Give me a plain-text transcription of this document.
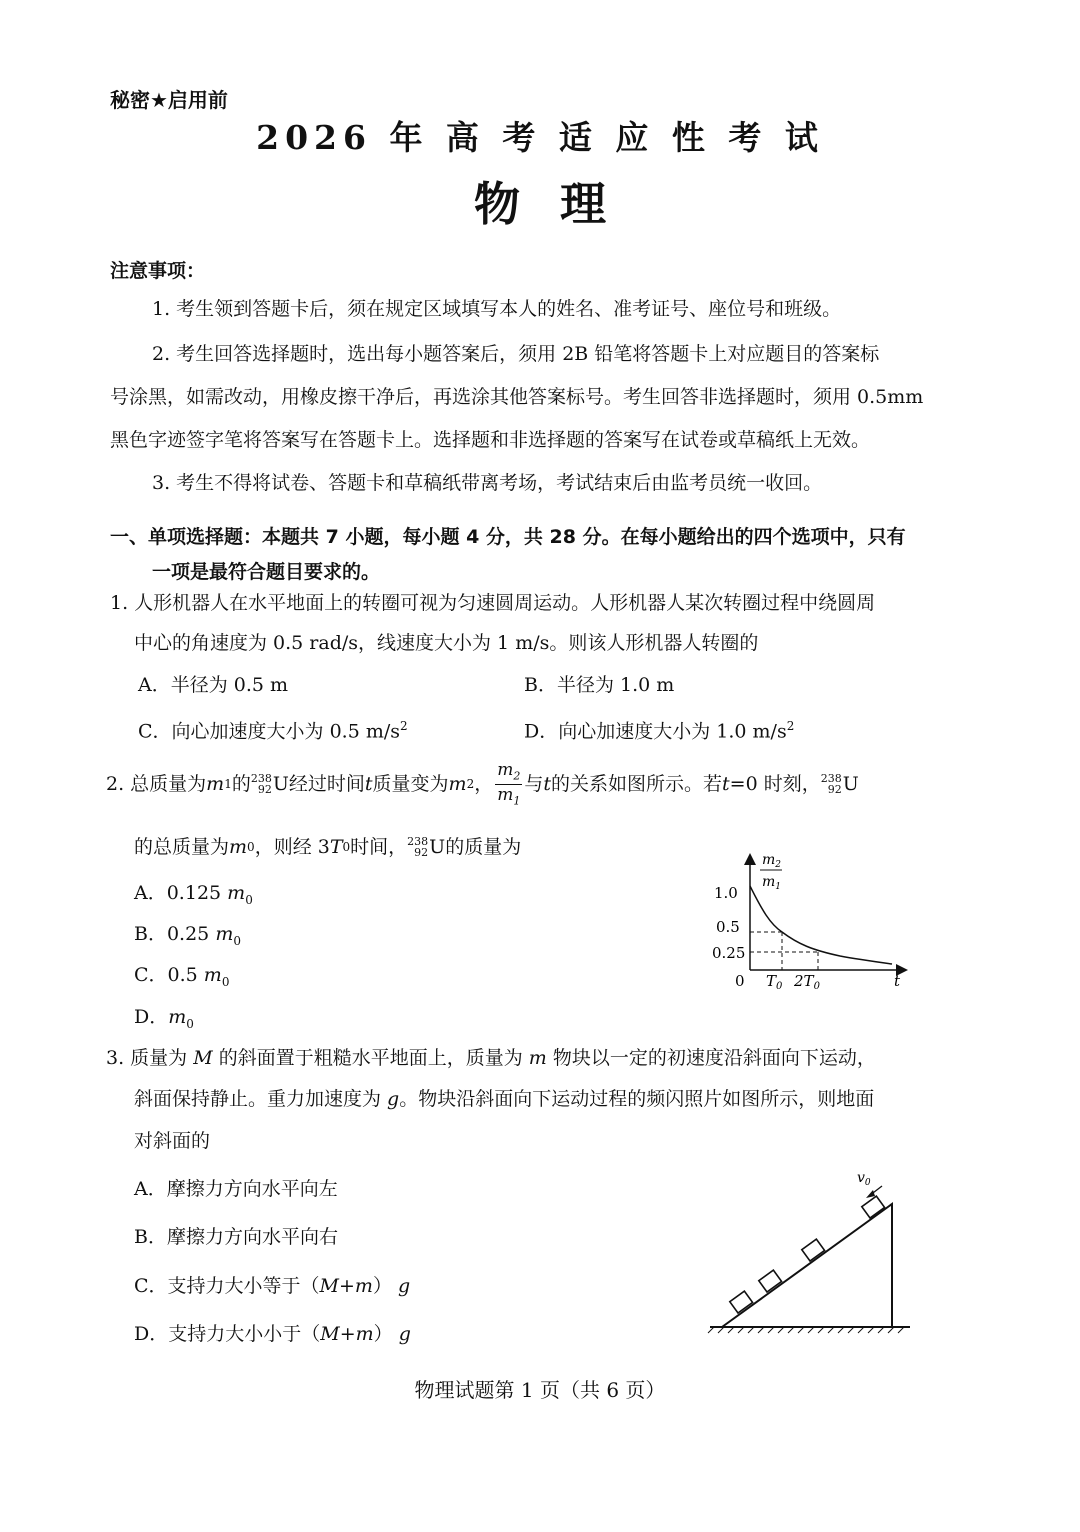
秘密★启用前
2026 年 高 考 适 应 性 考 试
物理
注意事项：
1. 考生领到答题卡后，须在规定区域填写本人的姓名、准考证号、座位号和班级。
2. 考生回答选择题时，选出每小题答案后，须用 2B 铅笔将答题卡上对应题目的答案标
号涂黑，如需改动，用橡皮擦干净后，再选涂其他答案标号。考生回答非选择题时，须用 0.5mm
黑色字迹签字笔将答案写在答题卡上。选择题和非选择题的答案写在试卷或草稿纸上无效。
3. 考生不得将试卷、答题卡和草稿纸带离考场，考试结束后由监考员统一收回。
一、单项选择题：本题共 7 小题，每小题 4 分，共 28 分。在每小题给出的四个选项中，只有
一项是最符合题目要求的。
1. 人形机器人在水平地面上的转圈可视为匀速圆周运动。人形机器人某次转圈过程中绕圆周
中心的角速度为 0.5 rad/s，线速度大小为 1 m/s。则该人形机器人转圈的
A．半径为 0.5 m	B．半径为 1.0 m
C．向心加速度大小为 0.5 $m/s^2$	D．向心加速度大小为 1.0 $m/s^2$
2. 总质量为 m 1 的 238
92 U 经过时间 t 质量变为 m 2 ， $\frac{m_2}{m_1}$ 与 t 的关系如图所示。若 t =0 时刻， 238
92 U
的总质量为 m 0 ，则经 3 T 0 时间， 238
92 U 的质量为
A．0.125 $m_0$
B．0.25 $m_0$
C．0.5 $m_0$
D．$m_0$
$m_2$
$m_1$
1.0
0.5
0.25
0 $T_0$ $2T_0$	t
3. 质量为 M 的斜面置于粗糙水平地面上，质量为 m 物块以一定的初速度沿斜面向下运动，
斜面保持静止。重力加速度为 g。物块沿斜面向下运动过程的频闪照片如图所示，则地面
对斜面的
A．摩擦力方向水平向左
B．摩擦力方向水平向右
C．支持力大小等于（M+m） g
D．支持力大小小于（M+m） g
$v_0$
物理试题第 1 页（共 6 页）
